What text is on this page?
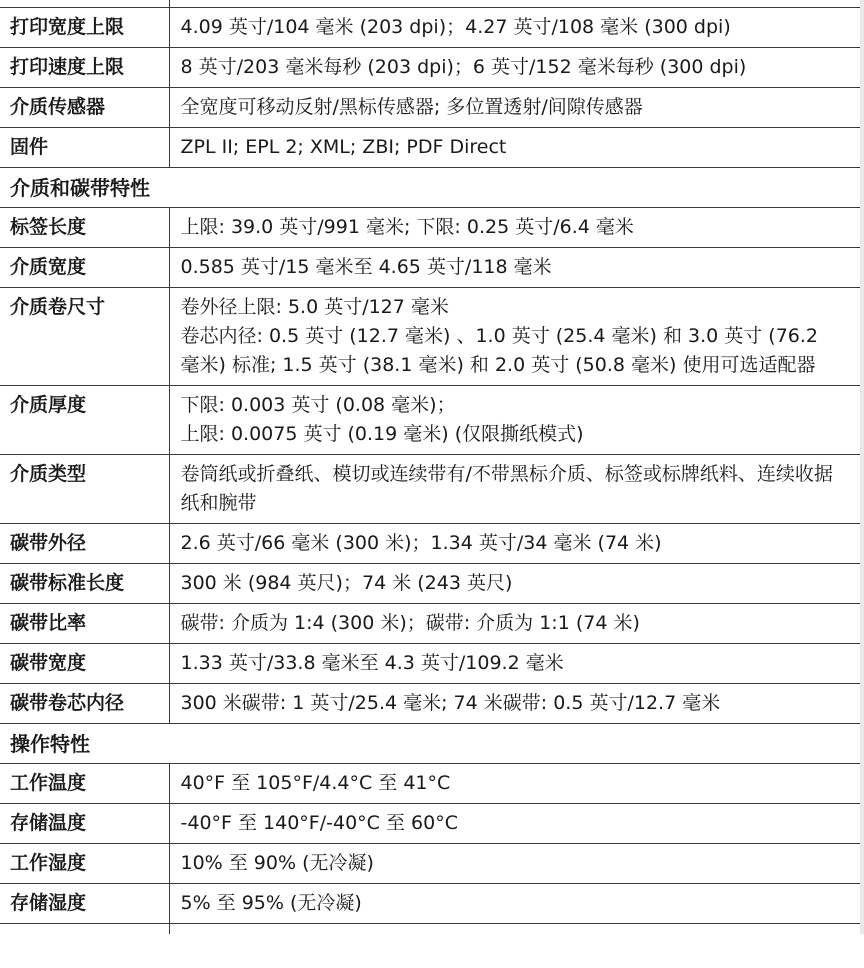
打印宽度上限	4.09 英寸/104 毫米 (203 dpi)；4.27 英寸/108 毫米 (300 dpi)
打印速度上限	8 英寸/203 毫米每秒 (203 dpi)；6 英寸/152 毫米每秒 (300 dpi)
介质传感器	全宽度可移动反射/黑标传感器; 多位置透射/间隙传感器
固件	ZPL II; EPL 2; XML; ZBI; PDF Direct
介质和碳带特性	
标签长度	上限: 39.0 英寸/991 毫米; 下限: 0.25 英寸/6.4 毫米
介质宽度	0.585 英寸/15 毫米至 4.65 英寸/118 毫米
介质卷尺寸	卷外径上限: 5.0 英寸/127 毫米
卷芯内径: 0.5 英寸 (12.7 毫米) 、1.0 英寸 (25.4 毫米) 和 3.0 英寸 (76.2 毫米) 标准; 1.5 英寸 (38.1 毫米) 和 2.0 英寸 (50.8 毫米) 使用可选适配器
介质厚度	下限: 0.003 英寸 (0.08 毫米)；
上限: 0.0075 英寸 (0.19 毫米) (仅限撕纸模式)
介质类型	卷筒纸或折叠纸、模切或连续带有/不带黑标介质、标签或标牌纸料、连续收据纸和腕带
碳带外径	2.6 英寸/66 毫米 (300 米)；1.34 英寸/34 毫米 (74 米)
碳带标准长度	300 米 (984 英尺)；74 米 (243 英尺)
碳带比率	碳带: 介质为 1:4 (300 米)；碳带: 介质为 1:1 (74 米)
碳带宽度	1.33 英寸/33.8 毫米至 4.3 英寸/109.2 毫米
碳带卷芯内径	300 米碳带: 1 英寸/25.4 毫米; 74 米碳带: 0.5 英寸/12.7 毫米
操作特性	
工作温度	40°F 至 105°F/4.4°C 至 41°C
存储温度	-40°F 至 140°F/-40°C 至 60°C
工作湿度	10% 至 90% (无冷凝)
存储湿度	5% 至 95% (无冷凝)
